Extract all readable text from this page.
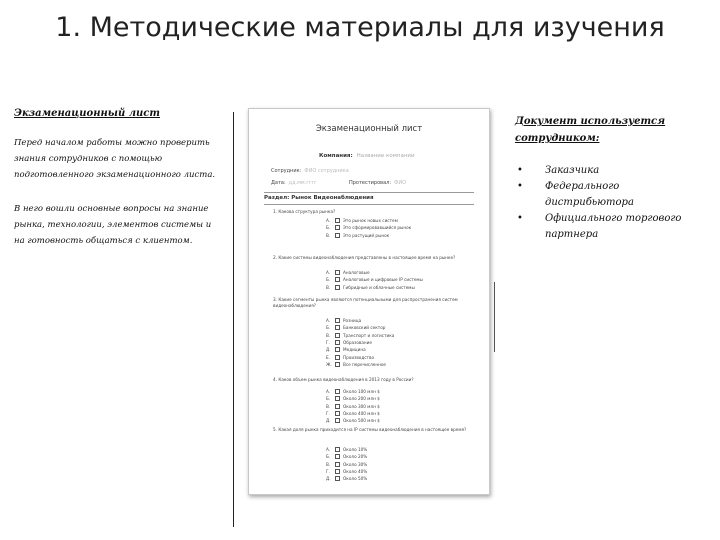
1. Методические материалы для изучения
Экзаменационный лист
Перед началом работы можно проверить знания сотрудников с помощью подготовленного экзаменационного листа.
В него вошли основные вопросы на знание рынка, технологии, элементов системы и на готовность общаться с клиентом.
Документ используется сотрудником:
• Заказчика
• Федерального дистрибьютора
• Официального торгового партнера
Экзаменационный лист
Компания: Название компании
Сотрудник: ФИО сотрудника
Дата: дд.мм.гггг	Протестировал: ФИО
Раздел: Рынок Видеонаблюдения
1. Какова структура рынка?
А.	Это рынок новых систем
Б.	Это сформировавшийся рынок
В.	Это растущий рынок
2. Какие системы видеонаблюдения представлены в настоящее время на рынке?
А.	Аналоговые
Б.	Аналоговые и цифровые IP системы
В.	Гибридные и облачные системы
3. Какие сегменты рынка являются потенциальными для распространения систем видеонаблюдения?
А.	Розница
Б.	Банковский сектор
В.	Транспорт и логистика
Г.	Образование
Д.	Медицина
Е.	Производство
Ж.	Все перечисленное
4. Каков объем рынка видеонаблюдения в 2013 году в России?
А.	Около 100 млн $
Б.	Около 200 млн $
В.	Около 300 млн $
Г.	Около 400 млн $
Д.	Около 500 млн $
5. Какая доля рынка приходится на IP системы видеонаблюдения в настоящее время?
А.	Около 10%
Б.	Около 20%
В.	Около 30%
Г.	Около 40%
Д.	Около 50%
